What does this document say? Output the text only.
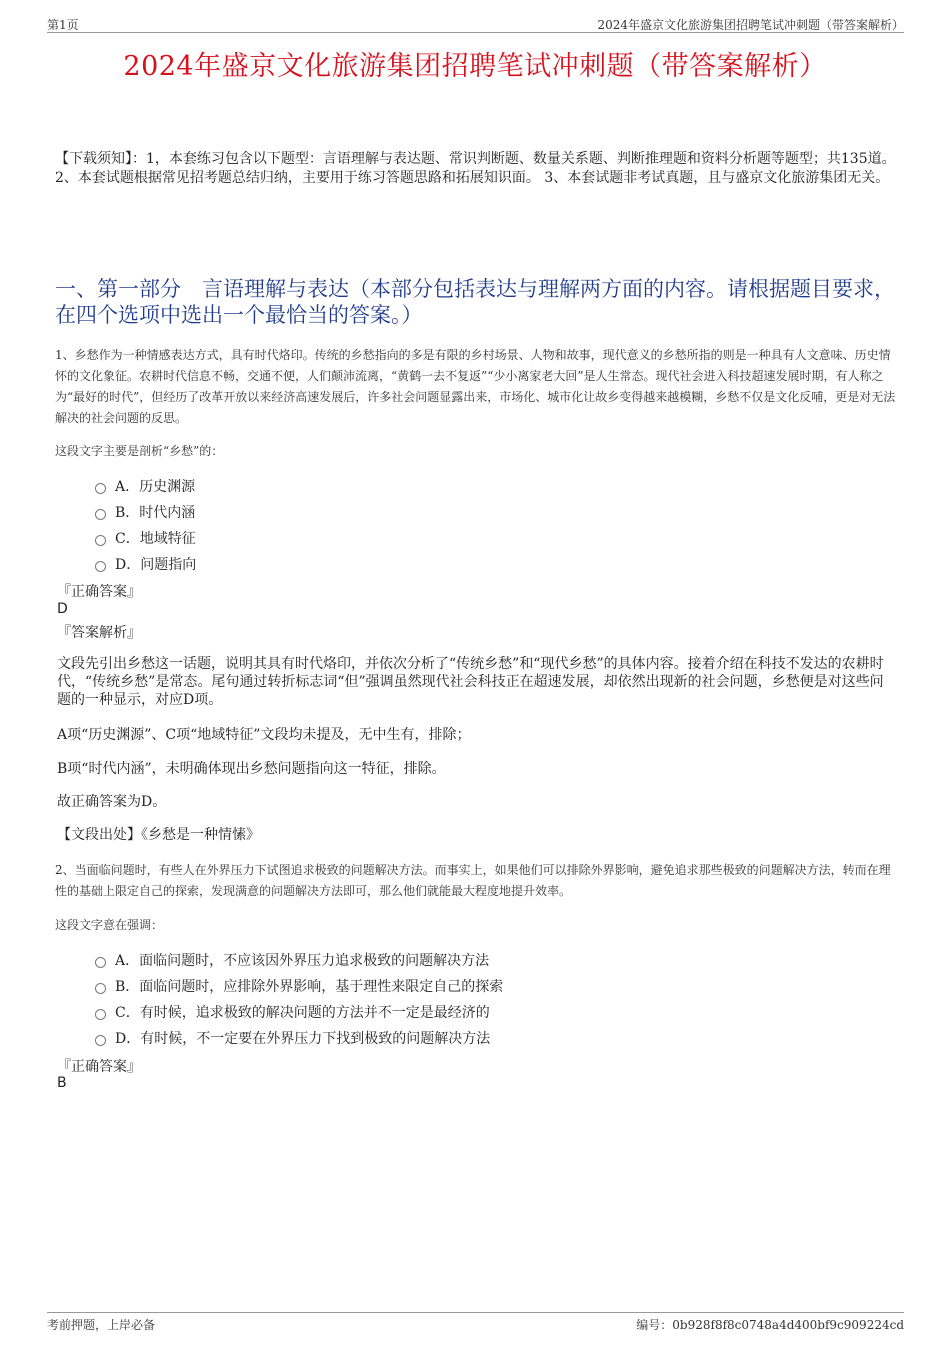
第1页	2024年盛京文化旅游集团招聘笔试冲刺题（带答案解析）
2024年盛京文化旅游集团招聘笔试冲刺题（带答案解析）
【下载须知】：1，本套练习包含以下题型：言语理解与表达题、常识判断题、数量关系题、判断推理题和资料分析题等题型；共135道。 2、本套试题根据常见招考题总结归纳，主要用于练习答题思路和拓展知识面。 3、本套试题非考试真题，且与盛京文化旅游集团无关。
一、第一部分　言语理解与表达（本部分包括表达与理解两方面的内容。请根据题目要求，在四个选项中选出一个最恰当的答案。）
1、乡愁作为一种情感表达方式，具有时代烙印。传统的乡愁指向的多是有限的乡村场景、人物和故事，现代意义的乡愁所指的则是一种具有人文意味、历史情怀的文化象征。农耕时代信息不畅，交通不便，人们颠沛流离，“黄鹤一去不复返”“少小离家老大回”是人生常态。现代社会进入科技超速发展时期，有人称之为“最好的时代”，但经历了改革开放以来经济高速发展后，许多社会问题显露出来，市场化、城市化让故乡变得越来越模糊，乡愁不仅是文化反哺，更是对无法解决的社会问题的反思。
这段文字主要是剖析“乡愁”的：
A．历史渊源
B．时代内涵
C．地域特征
D．问题指向
『正确答案』
D
『答案解析』
文段先引出乡愁这一话题，说明其具有时代烙印，并依次分析了“传统乡愁”和“现代乡愁”的具体内容。接着介绍在科技不发达的农耕时代，“传统乡愁”是常态。尾句通过转折标志词“但”强调虽然现代社会科技正在超速发展，却依然出现新的社会问题，乡愁便是对这些问题的一种显示，对应D项。
A项“历史渊源”、C项“地域特征”文段均未提及，无中生有，排除；
B项“时代内涵”，未明确体现出乡愁问题指向这一特征，排除。
故正确答案为D。
【文段出处】《乡愁是一种情愫》
2、当面临问题时，有些人在外界压力下试图追求极致的问题解决方法。而事实上，如果他们可以排除外界影响，避免追求那些极致的问题解决方法，转而在理性的基础上限定自己的探索，发现满意的问题解决方法即可，那么他们就能最大程度地提升效率。
这段文字意在强调：
A．面临问题时，不应该因外界压力追求极致的问题解决方法
B．面临问题时，应排除外界影响，基于理性来限定自己的探索
C．有时候，追求极致的解决问题的方法并不一定是最经济的
D．有时候，不一定要在外界压力下找到极致的问题解决方法
『正确答案』
B
考前押题，上岸必备	编号：0b928f8f8c0748a4d400bf9c909224cd
